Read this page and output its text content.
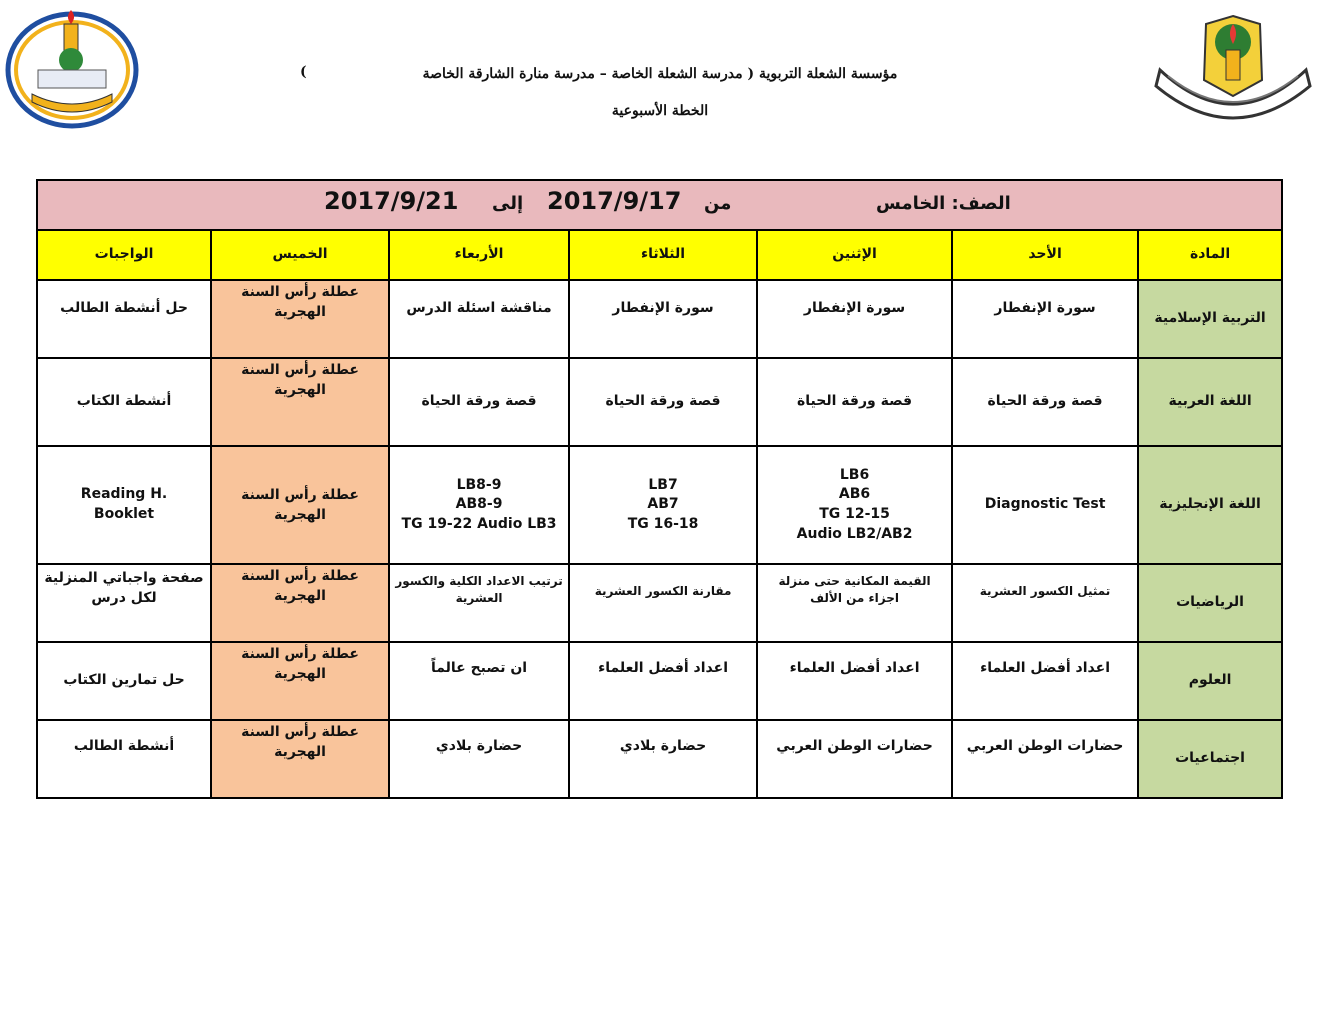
مؤسسة الشعلة التربوية ( مدرسة الشعلة الخاصة – مدرسة منارة الشارقة الخاصة
)
الخطة الأسبوعية
الصف: الخامس
من
2017/9/17
إلى
2017/9/21						

المادة	الأحد	الإثنين	الثلاثاء	الأربعاء	الخميس	الواجبات
التربية الإسلامية	سورة الإنفطار	سورة الإنفطار	سورة الإنفطار	مناقشة اسئلة الدرس	عطلة رأس السنة الهجرية	حل أنشطة الطالب
اللغة العربية	قصة ورقة الحياة	قصة ورقة الحياة	قصة ورقة الحياة	قصة ورقة الحياة	عطلة رأس السنة الهجرية	أنشطة الكتاب
اللغة الإنجليزية	Diagnostic Test	LB6
AB6
TG 12-15
Audio LB2/AB2	LB7
AB7
TG 16-18	LB8-9
AB8-9
TG 19-22 Audio LB3	عطلة رأس السنة الهجرية	Reading H.
Booklet
الرياضيات	تمثيل الكسور العشرية	القيمة المكانية حتى منزلة اجزاء من الألف	مقارنة الكسور العشرية	ترتيب الاعداد الكلية والكسور العشرية	عطلة رأس السنة الهجرية	صفحة واجباتي المنزلية لكل درس
العلوم	اعداد أفضل العلماء	اعداد أفضل العلماء	اعداد أفضل العلماء	ان تصبح عالماً	عطلة رأس السنة الهجرية	حل تمارين الكتاب
اجتماعيات	حضارات الوطن العربي	حضارات الوطن العربي	حضارة بلادي	حضارة بلادي	عطلة رأس السنة الهجرية	أنشطة الطالب
